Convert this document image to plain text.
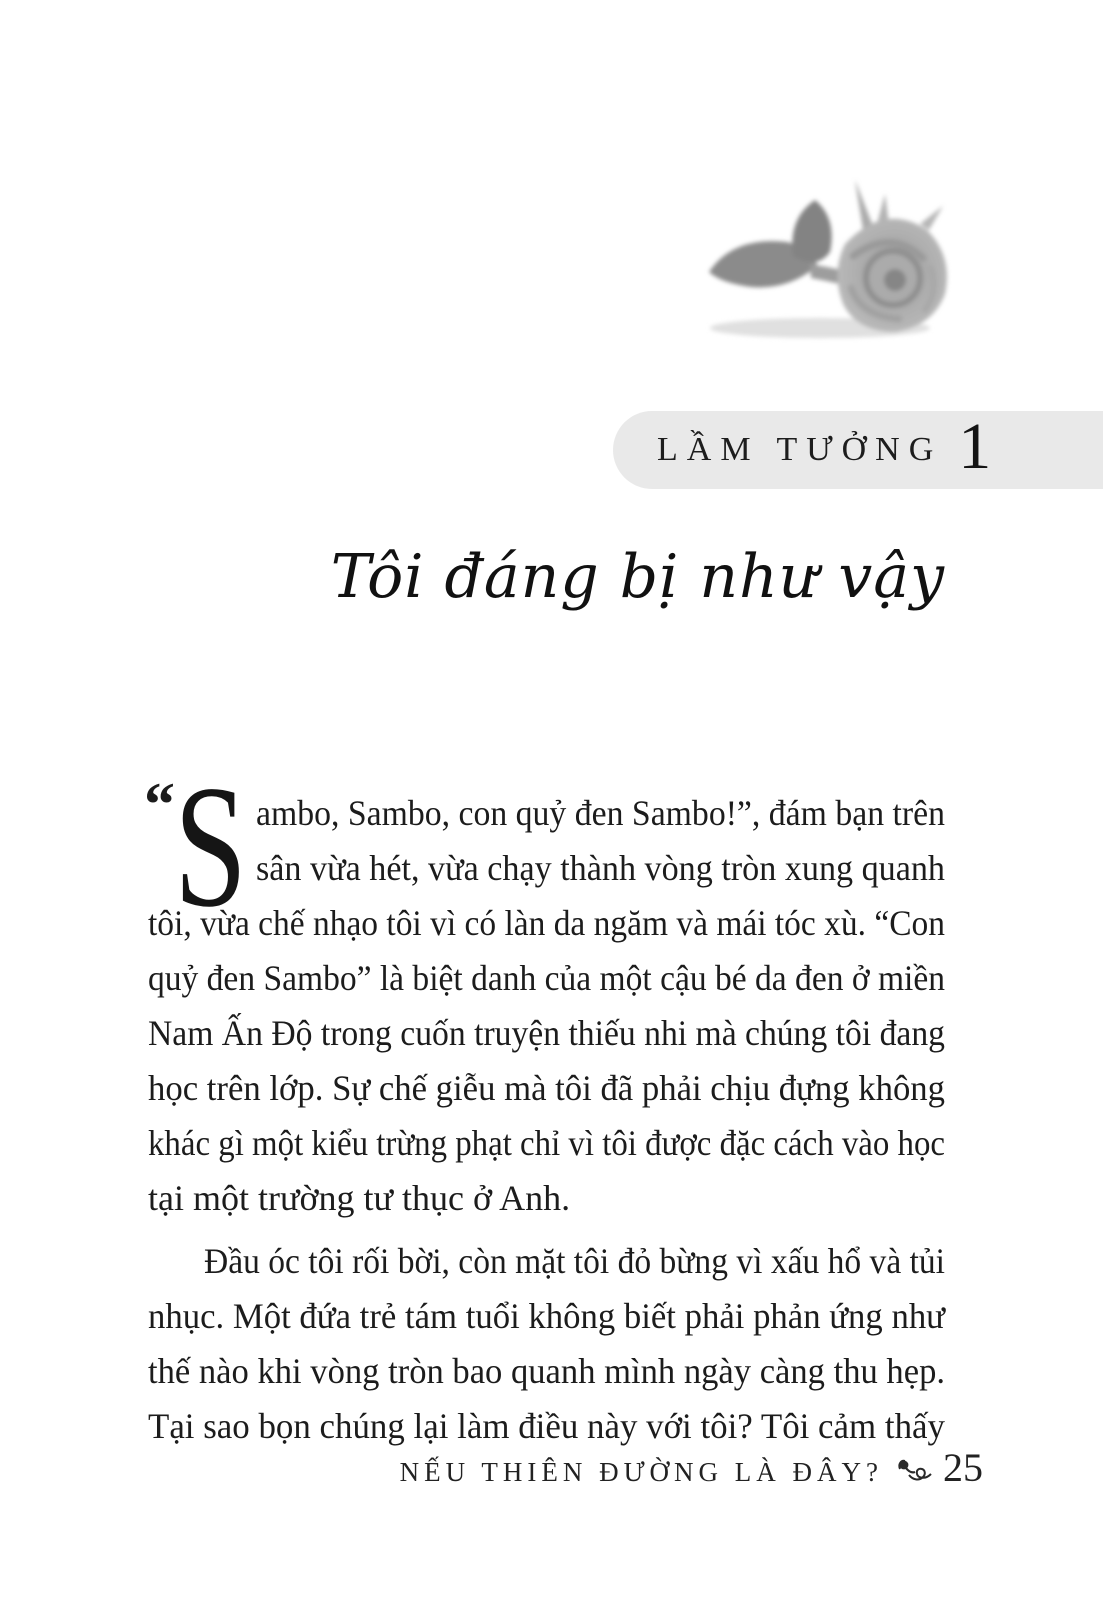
LẦM TƯỞNG 1
Tôi đáng bị như vậy
“ S ambo, Sambo, con quỷ đen Sambo!”, đám bạn trên
sân vừa hét, vừa chạy thành vòng tròn xung quanh
tôi, vừa chế nhạo tôi vì có làn da ngăm và mái tóc xù. “Con
quỷ đen Sambo” là biệt danh của một cậu bé da đen ở miền
Nam Ấn Độ trong cuốn truyện thiếu nhi mà chúng tôi đang
học trên lớp. Sự chế giễu mà tôi đã phải chịu đựng không
khác gì một kiểu trừng phạt chỉ vì tôi được đặc cách vào học
tại một trường tư thục ở Anh.
Đầu óc tôi rối bời, còn mặt tôi đỏ bừng vì xấu hổ và tủi
nhục. Một đứa trẻ tám tuổi không biết phải phản ứng như
thế nào khi vòng tròn bao quanh mình ngày càng thu hẹp.
Tại sao bọn chúng lại làm điều này với tôi? Tôi cảm thấy
NẾU THIÊN ĐƯỜNG LÀ ĐÂY? 25
